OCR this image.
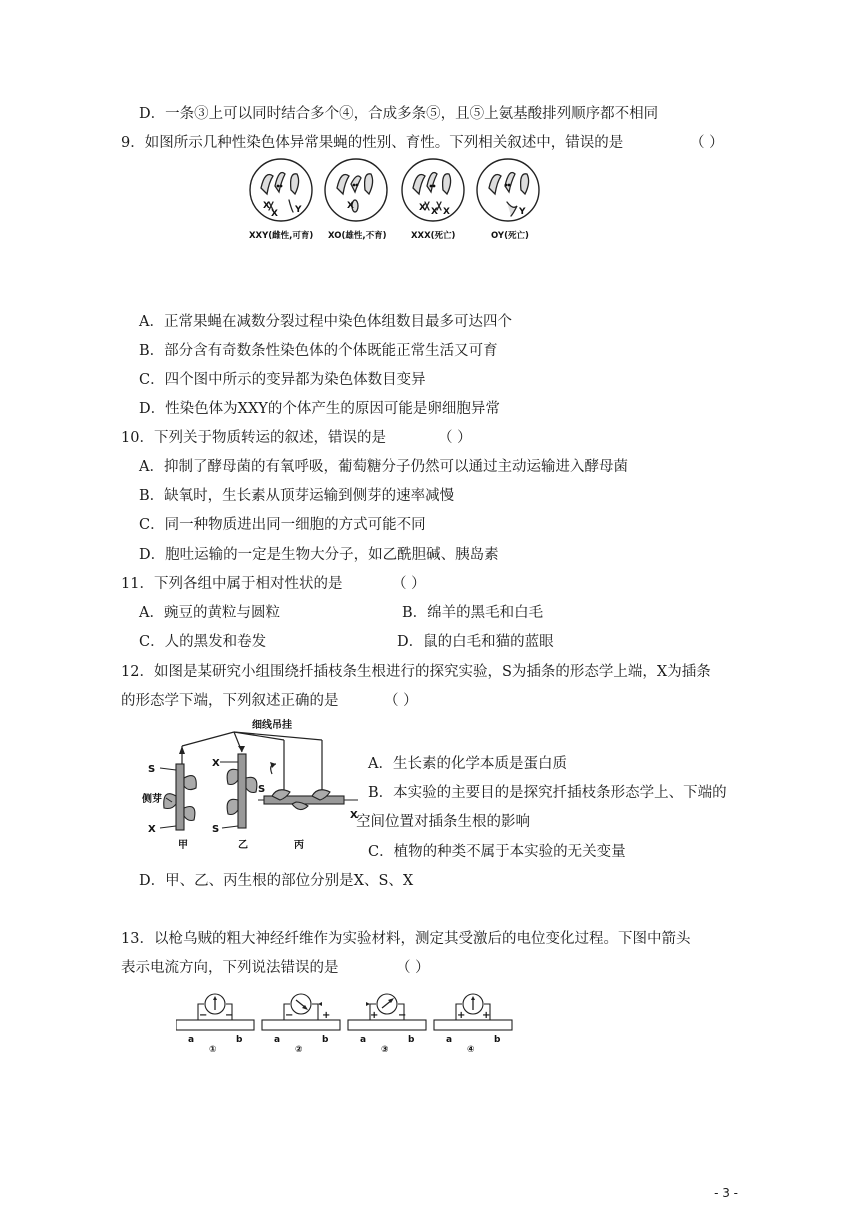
D．一条③上可以同时结合多个④，合成多条⑤，且⑤上氨基酸排列顺序都不相同
9．如图所示几种性染色体异常果蝇的性别、育性。下列相关叙述中，错误的是	（ ）
X
X Y	X	X X X	Y
XXY(雌性,可育) XO(雄性,不育)	XXX(死亡)	OY(死亡)
A．正常果蝇在减数分裂过程中染色体组数目最多可达四个
B．部分含有奇数条性染色体的个体既能正常生活又可育
C．四个图中所示的变异都为染色体数目变异
D．性染色体为XXY的个体产生的原因可能是卵细胞异常
10．下列关于物质转运的叙述，错误的是	（ ）
A．抑制了酵母菌的有氧呼吸，葡萄糖分子仍然可以通过主动运输进入酵母菌
B．缺氧时，生长素从顶芽运输到侧芽的速率减慢
C．同一种物质进出同一细胞的方式可能不同
D．胞吐运输的一定是生物大分子，如乙酰胆碱、胰岛素
11．下列各组中属于相对性状的是	（ ）
A．豌豆的黄粒与圆粒	B．绵羊的黑毛和白毛
C．人的黑发和卷发	D．鼠的白毛和猫的蓝眼
12．如图是某研究小组围绕扦插枝条生根进行的探究实验，S为插条的形态学上端，X为插条
的形态学下端，下列叙述正确的是	（ ）
细线吊挂
S
侧芽
X
甲
X
S
乙
S
X
丙
A．生长素的化学本质是蛋白质
B．本实验的主要目的是探究扦插枝条形态学上、下端的
空间位置对插条生根的影响
C．植物的种类不属于本实验的无关变量
D．甲、乙、丙生根的部位分别是X、S、X
13．以枪乌贼的粗大神经纤维作为实验材料，测定其受激后的电位变化过程。下图中箭头
表示电流方向，下列说法错误的是	（ ）
− −	−	+	+ −	+ +
a	b	a	b	a	b	a	b
①	②	③	④
- 3 -
